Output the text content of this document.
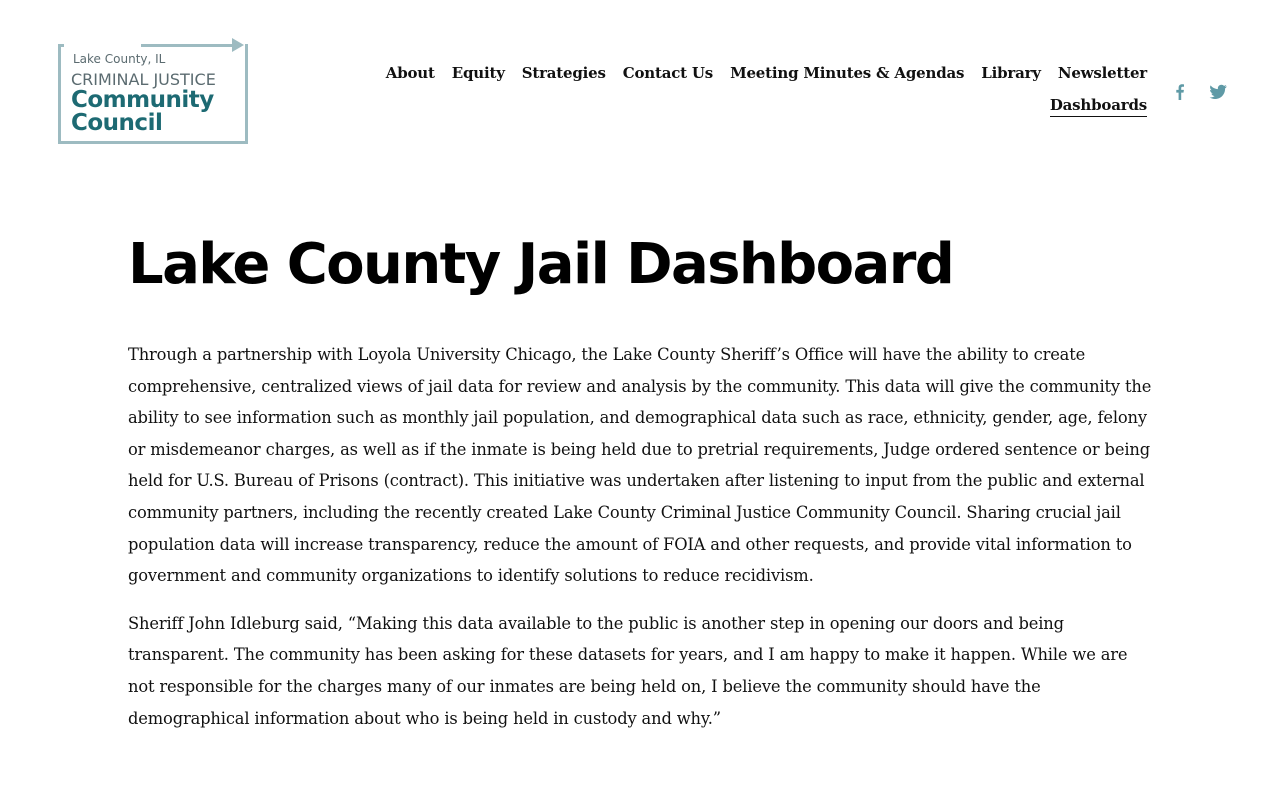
Lake County, IL
CRIMINAL JUSTICE
Community
Council
About Equity Strategies Contact Us Meeting Minutes & Agendas Library Newsletter
Dashboards
Lake County Jail Dashboard

Through a partnership with Loyola University Chicago, the Lake County Sheriff’s Office will have the ability to create comprehensive, centralized views of jail data for review and analysis by the community. This data will give the community the ability to see information such as monthly jail population, and demographical data such as race, ethnicity, gender, age, felony or misdemeanor charges, as well as if the inmate is being held due to pretrial requirements, Judge ordered sentence or being held for U.S. Bureau of Prisons (contract). This initiative was undertaken after listening to input from the public and external community partners, including the recently created Lake County Criminal Justice Community Council. Sharing crucial jail population data will increase transparency, reduce the amount of FOIA and other requests, and provide vital information to government and community organizations to identify solutions to reduce recidivism.

Sheriff John Idleburg said, “Making this data available to the public is another step in opening our doors and being transparent. The community has been asking for these datasets for years, and I am happy to make it happen. While we are not responsible for the charges many of our inmates are being held on, I believe the community should have the demographical information about who is being held in custody and why.”
